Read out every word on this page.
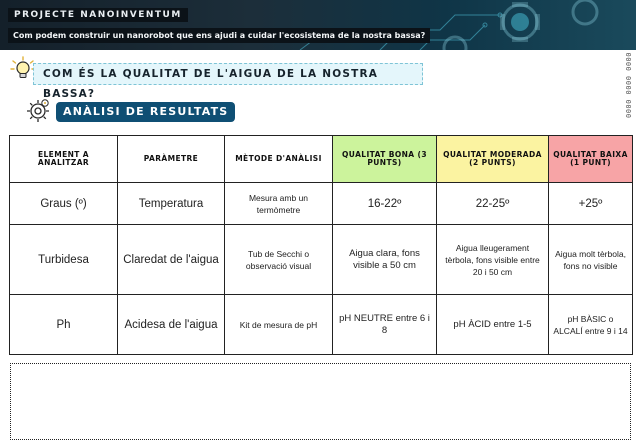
PROJECTE NANOINVENTUM
Com podem construir un nanorobot que ens ajudi a cuidar l'ecosistema de la nostra bassa?
0000 0000 0000
COM ÉS LA QUALITAT DE L'AIGUA DE LA NOSTRA BASSA?
ANÀLISI DE RESULTATS
ELEMENT A ANALITZAR	PARÀMETRE	MÈTODE D'ANÀLISI	QUALITAT BONA (3 PUNTS)	QUALITAT MODERADA (2 PUNTS)	QUALITAT BAIXA (1 PUNT)
Graus (º)	Temperatura	Mesura amb un termòmetre	16-22º	22-25º	+25º
Turbidesa	Claredat de l'aigua	Tub de Secchi o observació visual	Aigua clara, fons visible a 50 cm	Aigua lleugerament tèrbola, fons visible entre 20 i 50 cm	Aigua molt tèrbola, fons no visible
Ph	Acidesa de l'aigua	Kit de mesura de pH	pH NEUTRE entre 6 i 8	pH ÀCID entre 1-5	pH BÀSIC o ALCALÍ entre 9 i 14
